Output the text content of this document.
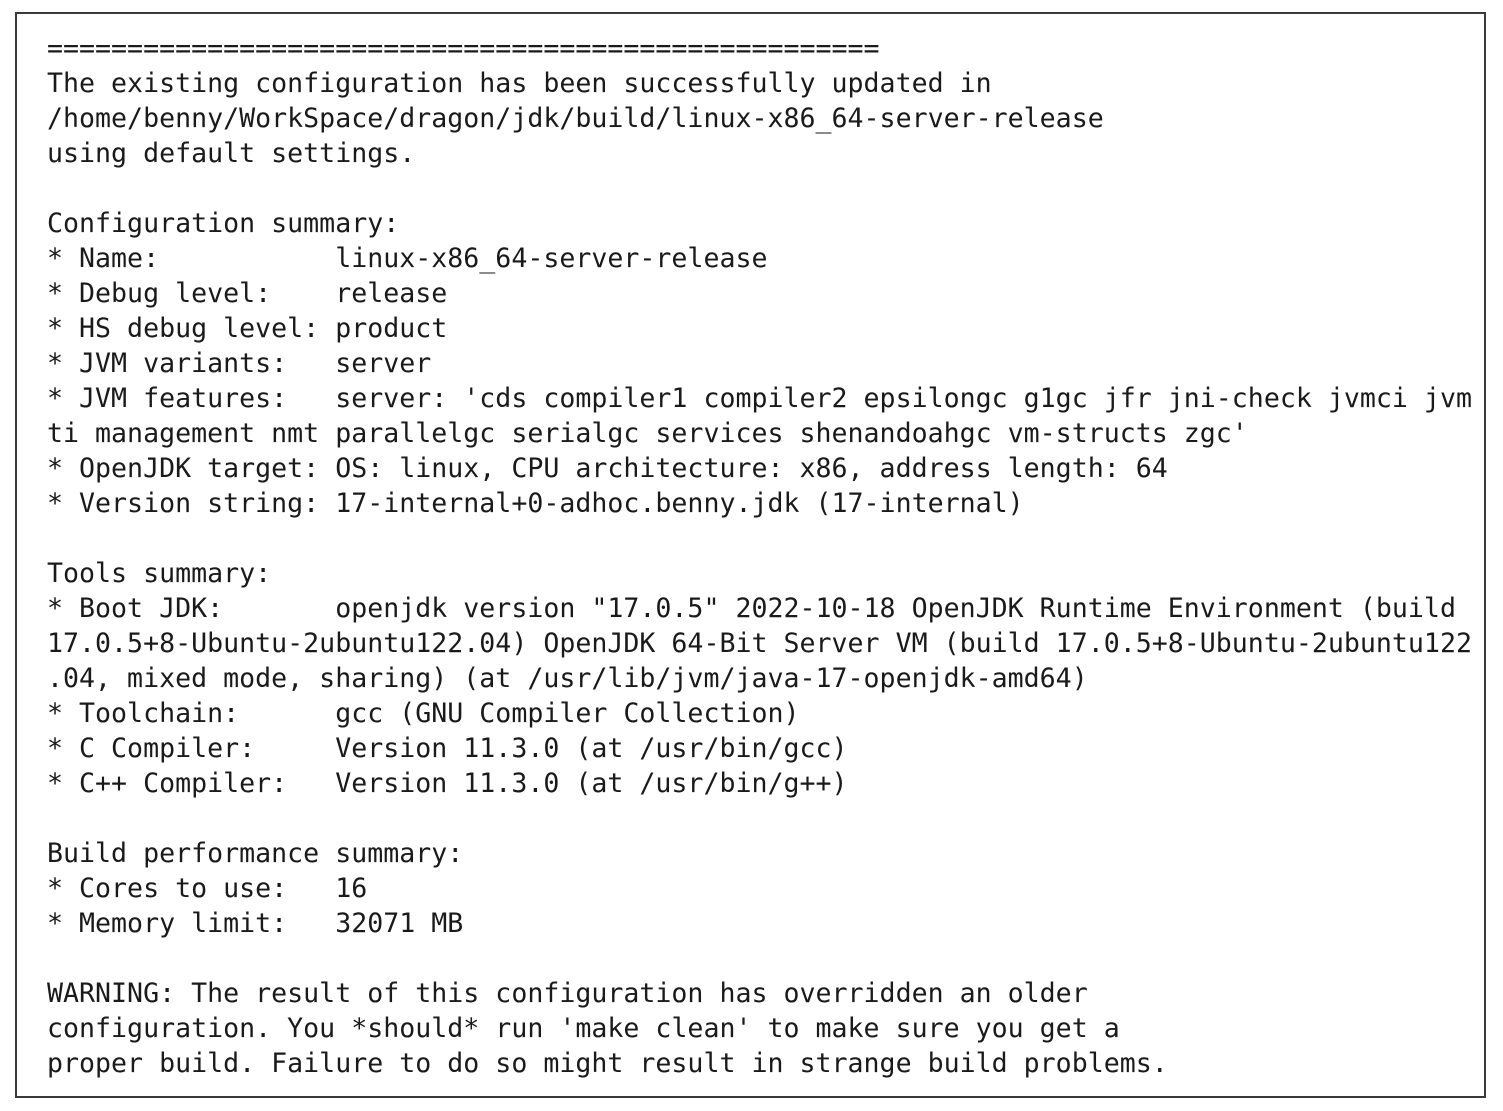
====================================================
The existing configuration has been successfully updated in
/home/benny/WorkSpace/dragon/jdk/build/linux-x86_64-server-release
using default settings.
Configuration summary:
* Name:           linux-x86_64-server-release
* Debug level:    release
* HS debug level: product
* JVM variants:   server
* JVM features:   server: 'cds compiler1 compiler2 epsilongc g1gc jfr jni-check jvmci jvm
ti management nmt parallelgc serialgc services shenandoahgc vm-structs zgc'
* OpenJDK target: OS: linux, CPU architecture: x86, address length: 64
* Version string: 17-internal+0-adhoc.benny.jdk (17-internal)
Tools summary:
* Boot JDK:       openjdk version "17.0.5" 2022-10-18 OpenJDK Runtime Environment (build
17.0.5+8-Ubuntu-2ubuntu122.04) OpenJDK 64-Bit Server VM (build 17.0.5+8-Ubuntu-2ubuntu122
.04, mixed mode, sharing) (at /usr/lib/jvm/java-17-openjdk-amd64)
* Toolchain:      gcc (GNU Compiler Collection)
* C Compiler:     Version 11.3.0 (at /usr/bin/gcc)
* C++ Compiler:   Version 11.3.0 (at /usr/bin/g++)
Build performance summary:
* Cores to use:   16
* Memory limit:   32071 MB
WARNING: The result of this configuration has overridden an older
configuration. You *should* run 'make clean' to make sure you get a
proper build. Failure to do so might result in strange build problems.
